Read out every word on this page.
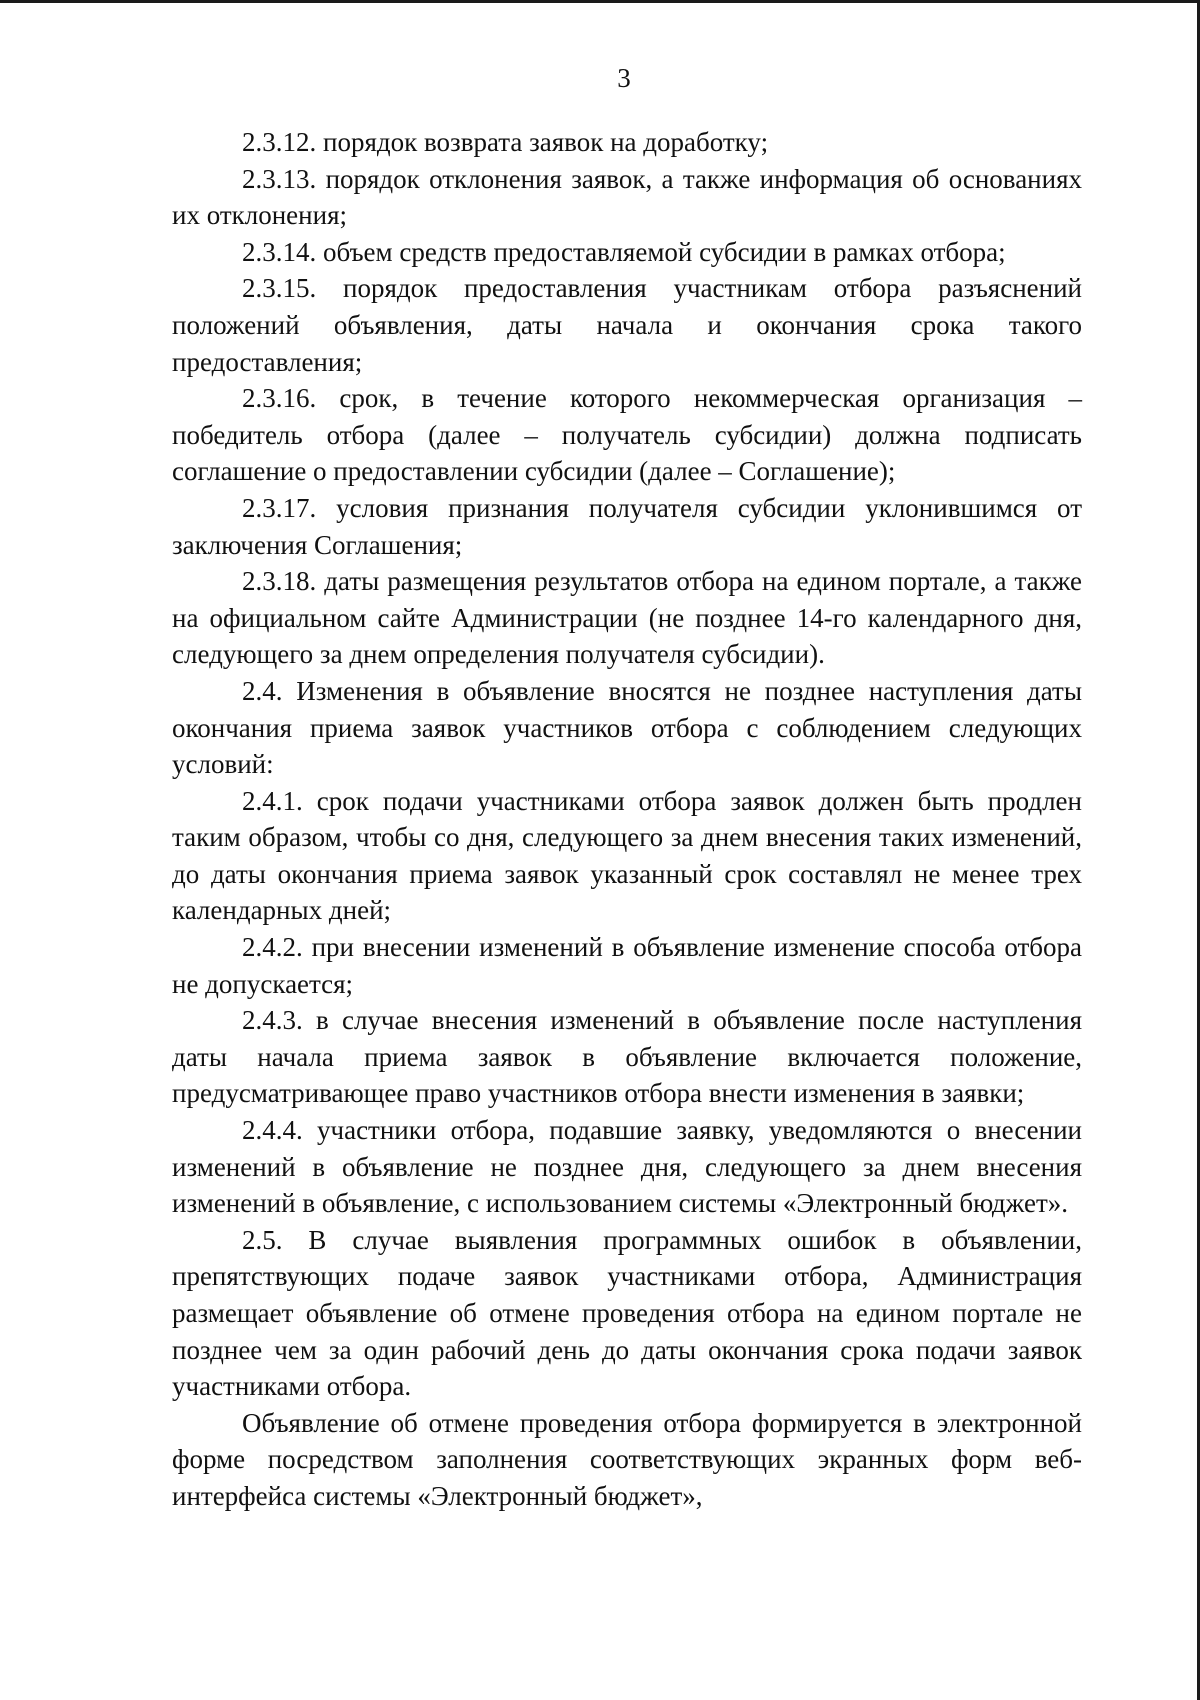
3

2.3.12. порядок возврата заявок на доработку;

2.3.13. порядок отклонения заявок, а также информация об основаниях их отклонения;

2.3.14. объем средств предоставляемой субсидии в рамках отбора;

2.3.15. порядок предоставления участникам отбора разъяснений положений объявления, даты начала и окончания срока такого предоставления;

2.3.16. срок, в течение которого некоммерческая организация – победитель отбора (далее – получатель субсидии) должна подписать соглашение о предоставлении субсидии (далее – Соглашение);

2.3.17. условия признания получателя субсидии уклонившимся от заключения Соглашения;

2.3.18. даты размещения результатов отбора на едином портале, а также на официальном сайте Администрации (не позднее 14-го календарного дня, следующего за днем определения получателя субсидии).

2.4. Изменения в объявление вносятся не позднее наступления даты окончания приема заявок участников отбора с соблюдением следующих условий:

2.4.1. срок подачи участниками отбора заявок должен быть продлен таким образом, чтобы со дня, следующего за днем внесения таких изменений, до даты окончания приема заявок указанный срок составлял не менее трех календарных дней;

2.4.2. при внесении изменений в объявление изменение способа отбора не допускается;

2.4.3. в случае внесения изменений в объявление после наступления даты начала приема заявок в объявление включается положение, предусматривающее право участников отбора внести изменения в заявки;

2.4.4. участники отбора, подавшие заявку, уведомляются о внесении изменений в объявление не позднее дня, следующего за днем внесения изменений в объявление, с использованием системы «Электронный бюджет».

2.5. В случае выявления программных ошибок в объявлении, препятствующих подаче заявок участниками отбора, Администрация размещает объявление об отмене проведения отбора на едином портале не позднее чем за один рабочий день до даты окончания срока подачи заявок участниками отбора.

Объявление об отмене проведения отбора формируется в электронной форме посредством заполнения соответствующих экранных форм веб-интерфейса системы «Электронный бюджет»,
